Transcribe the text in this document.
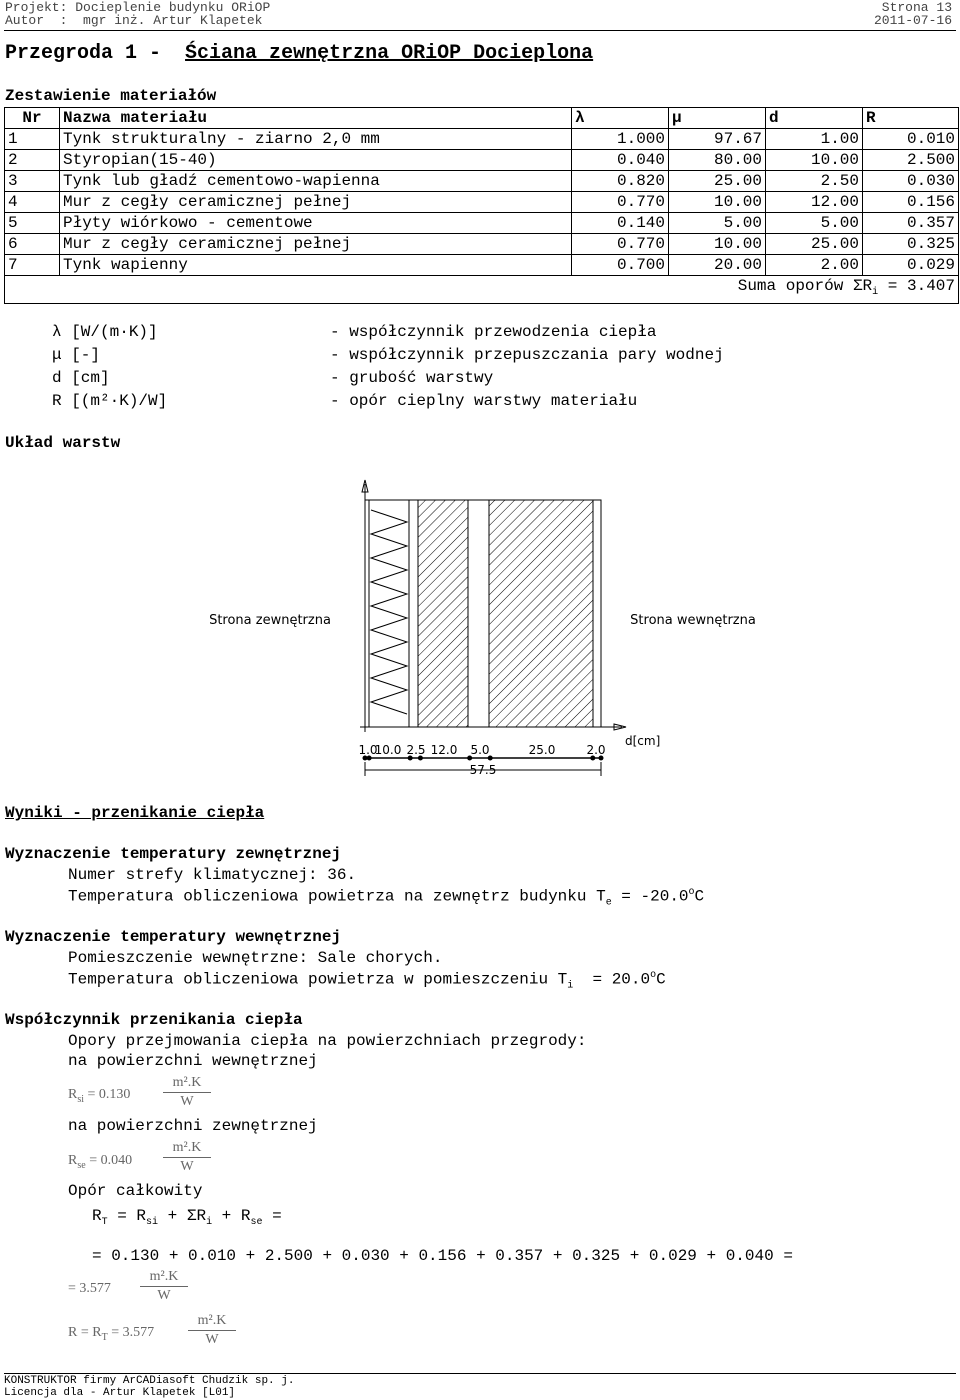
Projekt: Docieplenie budynku ORiOP
Autor  :  mgr inż. Artur Klapetek
Strona 13
2011-07-16
Przegroda 1 - Ściana zewnętrzna ORiOP Docieplona
Zestawienie materiałów
Nr	Nazwa materiału	λ	μ	d	R
1	Tynk strukturalny - ziarno 2,0 mm	1.000	97.67	1.00	0.010
2	Styropian(15-40)	0.040	80.00	10.00	2.500
3	Tynk lub gładź cementowo-wapienna	0.820	25.00	2.50	0.030
4	Mur z cegły ceramicznej pełnej	0.770	10.00	12.00	0.156
5	Płyty wiórkowo - cementowe	0.140	5.00	5.00	0.357
6	Mur z cegły ceramicznej pełnej	0.770	10.00	25.00	0.325
7	Tynk wapienny	0.700	20.00	2.00	0.029
Suma oporów $\Sigma R_i = 3.407$					
λ [W/(m·K)]	- współczynnik przewodzenia ciepła
μ [-]	- współczynnik przepuszczania pary wodnej
d [cm]	- grubość warstwy
R [(m²·K)/W]	- opór cieplny warstwy materiału
Układ warstw
Strona zewnętrzna	Strona wewnętrzna
d[cm]
1.0
10.0 2.5 12.0 5.0	25.0	2.0
57.5
Wyniki - przenikanie ciepła
Wyznaczenie temperatury zewnętrznej
Numer strefy klimatycznej: 36.
Temperatura obliczeniowa powietrza na zewnętrz budynku $T_e = -20.0^oC$
Wyznaczenie temperatury wewnętrznej
Pomieszczenie wewnętrzne: Sale chorych.
Temperatura obliczeniowa powietrza w pomieszczeniu $T_i = 20.0^oC$
Współczynnik przenikania ciepła
Opory przejmowania ciepła na powierzchniach przegrody:
na powierzchni wewnętrznej
$R_{si} = 0.130$
m².K
W
na powierzchni zewnętrznej
$R_{se} = 0.040$
m².K
W
Opór całkowity
$R_T = R_{si} + \Sigma R_i + R_{se}$ =
= 0.130 + 0.010 + 2.500 + 0.030 + 0.156 + 0.357 + 0.325 + 0.029 + 0.040 =
= 3.577
m².K
W
$R = R_T = 3.577$
m².K
W
KONSTRUKTOR firmy ArCADiasoft Chudzik sp. j.
Licencja dla - Artur Klapetek [L01]
